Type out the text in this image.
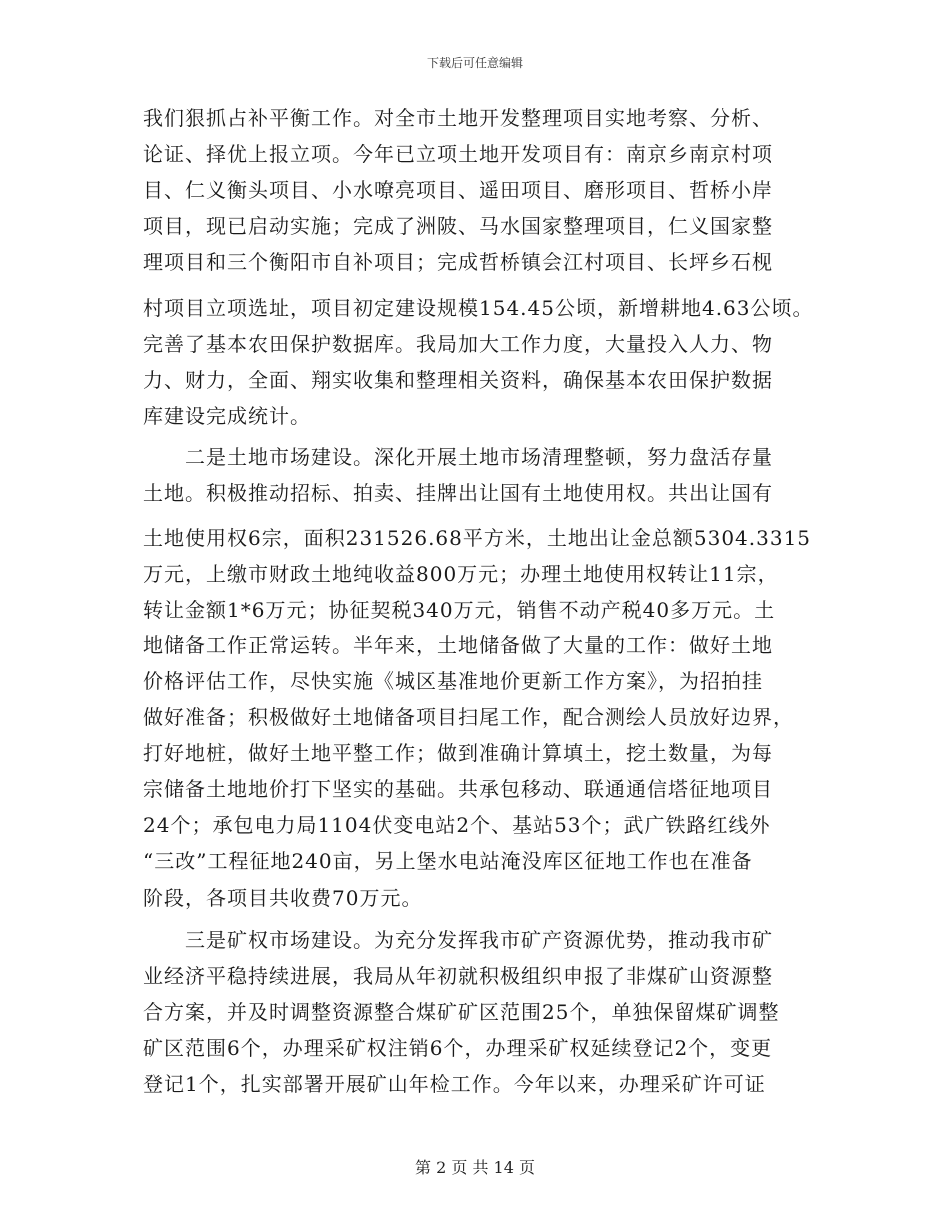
下载后可任意编辑
我们狠抓占补平衡工作。对全市土地开发整理项目实地考察、分析、
论证、择优上报立项。今年已立项土地开发项目有：南京乡南京村项
目、仁义衡头项目、小水嘹亮项目、遥田项目、磨形项目、哲桥小岸
项目，现已启动实施；完成了洲陂、马水国家整理项目，仁义国家整
理项目和三个衡阳市自补项目；完成哲桥镇会江村项目、长坪乡石枧
村项目立项选址，项目初定建设规模154.45公顷，新增耕地4.63公顷。
完善了基本农田保护数据库。我局加大工作力度，大量投入人力、物
力、财力，全面、翔实收集和整理相关资料，确保基本农田保护数据
库建设完成统计。
　　二是土地市场建设。深化开展土地市场清理整顿，努力盘活存量
土地。积极推动招标、拍卖、挂牌出让国有土地使用权。共出让国有
土地使用权6宗，面积231526.68平方米，土地出让金总额5304.3315
万元，上缴市财政土地纯收益800万元；办理土地使用权转让11宗，
转让金额1*6万元；协征契税340万元，销售不动产税40多万元。土
地储备工作正常运转。半年来，土地储备做了大量的工作：做好土地
价格评估工作，尽快实施《城区基准地价更新工作方案》，为招拍挂
做好准备；积极做好土地储备项目扫尾工作，配合测绘人员放好边界，
打好地桩，做好土地平整工作；做到准确计算填土，挖土数量，为每
宗储备土地地价打下坚实的基础。共承包移动、联通通信塔征地项目
24个；承包电力局1104伏变电站2个、基站53个；武广铁路红线外
“三改”工程征地240亩，另上堡水电站淹没库区征地工作也在准备
阶段，各项目共收费70万元。
　　三是矿权市场建设。为充分发挥我市矿产资源优势，推动我市矿
业经济平稳持续进展，我局从年初就积极组织申报了非煤矿山资源整
合方案，并及时调整资源整合煤矿矿区范围25个，单独保留煤矿调整
矿区范围6个，办理采矿权注销6个，办理采矿权延续登记2个，变更
登记1个，扎实部署开展矿山年检工作。今年以来，办理采矿许可证
第 2 页 共 14 页
